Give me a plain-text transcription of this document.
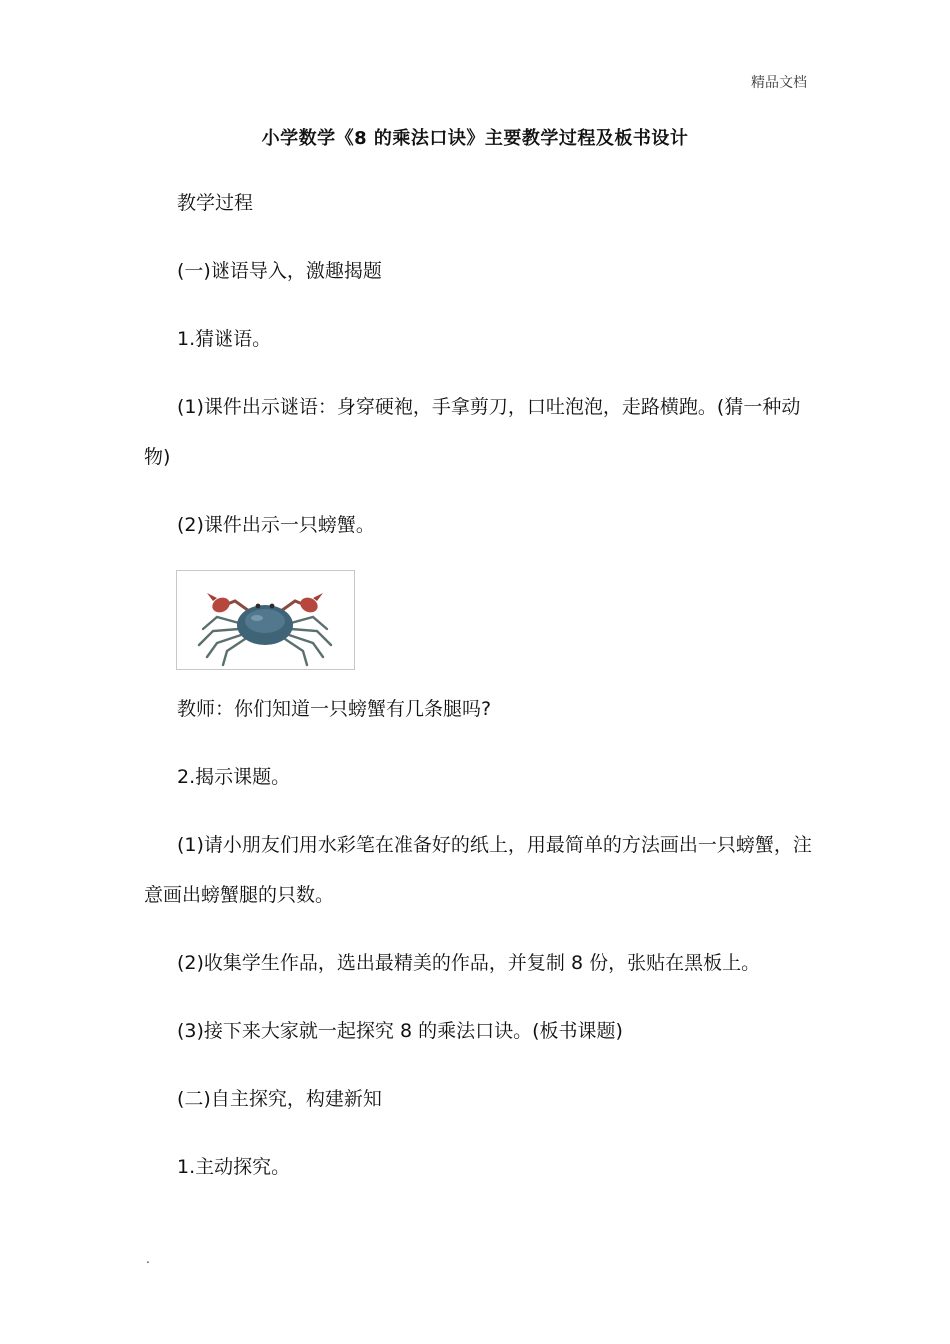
精品文档
小学数学《8 的乘法口诀》主要教学过程及板书设计
教学过程
(一)谜语导入，激趣揭题
1.猜谜语。
(1)课件出示谜语：身穿硬袍，手拿剪刀，口吐泡泡，走路横跑。(猜一种动
物)
(2)课件出示一只螃蟹。
教师：你们知道一只螃蟹有几条腿吗?
2.揭示课题。
(1)请小朋友们用水彩笔在准备好的纸上，用最简单的方法画出一只螃蟹，注
意画出螃蟹腿的只数。
(2)收集学生作品，选出最精美的作品，并复制 8 份，张贴在黑板上。
(3)接下来大家就一起探究 8 的乘法口诀。(板书课题)
(二)自主探究，构建新知
1.主动探究。
.
